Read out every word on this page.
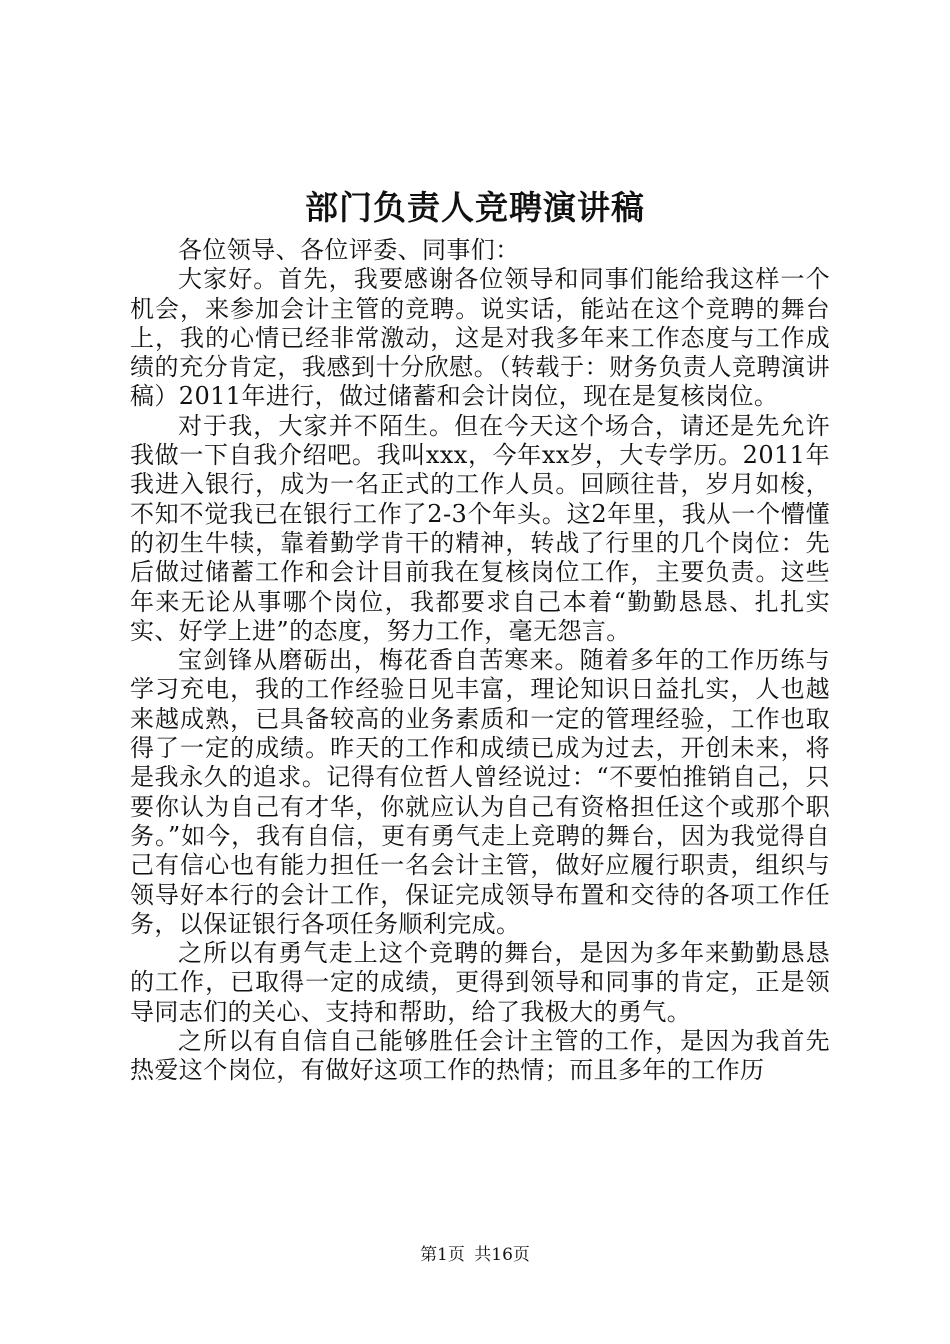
部门负责人竞聘演讲稿

各位领导、各位评委、同事们：

大家好。首先，我要感谢各位领导和同事们能给我这样一个机会，来参加会计主管的竞聘。说实话，能站在这个竞聘的舞台上，我的心情已经非常激动，这是对我多年来工作态度与工作成绩的充分肯定，我感到十分欣慰。（转载于：财务负责人竞聘演讲稿）2011年进行，做过储蓄和会计岗位，现在是复核岗位。

对于我，大家并不陌生。但在今天这个场合，请还是先允许我做一下自我介绍吧。我叫xxx，今年xx岁，大专学历。2011年我进入银行，成为一名正式的工作人员。回顾往昔，岁月如梭，不知不觉我已在银行工作了2-3个年头。这2年里，我从一个懵懂的初生牛犊，靠着勤学肯干的精神，转战了行里的几个岗位：先后做过储蓄工作和会计目前我在复核岗位工作，主要负责。这些年来无论从事哪个岗位，我都要求自己本着“勤勤恳恳、扎扎实实、好学上进”的态度，努力工作，毫无怨言。

宝剑锋从磨砺出，梅花香自苦寒来。随着多年的工作历练与学习充电，我的工作经验日见丰富，理论知识日益扎实，人也越来越成熟，已具备较高的业务素质和一定的管理经验，工作也取得了一定的成绩。昨天的工作和成绩已成为过去，开创未来，将是我永久的追求。记得有位哲人曾经说过：“不要怕推销自己，只要你认为自己有才华，你就应认为自己有资格担任这个或那个职务。”如今，我有自信，更有勇气走上竞聘的舞台，因为我觉得自己有信心也有能力担任一名会计主管，做好应履行职责，组织与领导好本行的会计工作，保证完成领导布置和交待的各项工作任务，以保证银行各项任务顺利完成。

之所以有勇气走上这个竞聘的舞台，是因为多年来勤勤恳恳的工作，已取得一定的成绩，更得到领导和同事的肯定，正是领导同志们的关心、支持和帮助，给了我极大的勇气。

之所以有自信自己能够胜任会计主管的工作，是因为我首先热爱这个岗位，有做好这项工作的热情；而且多年的工作历

第1页 共16页
